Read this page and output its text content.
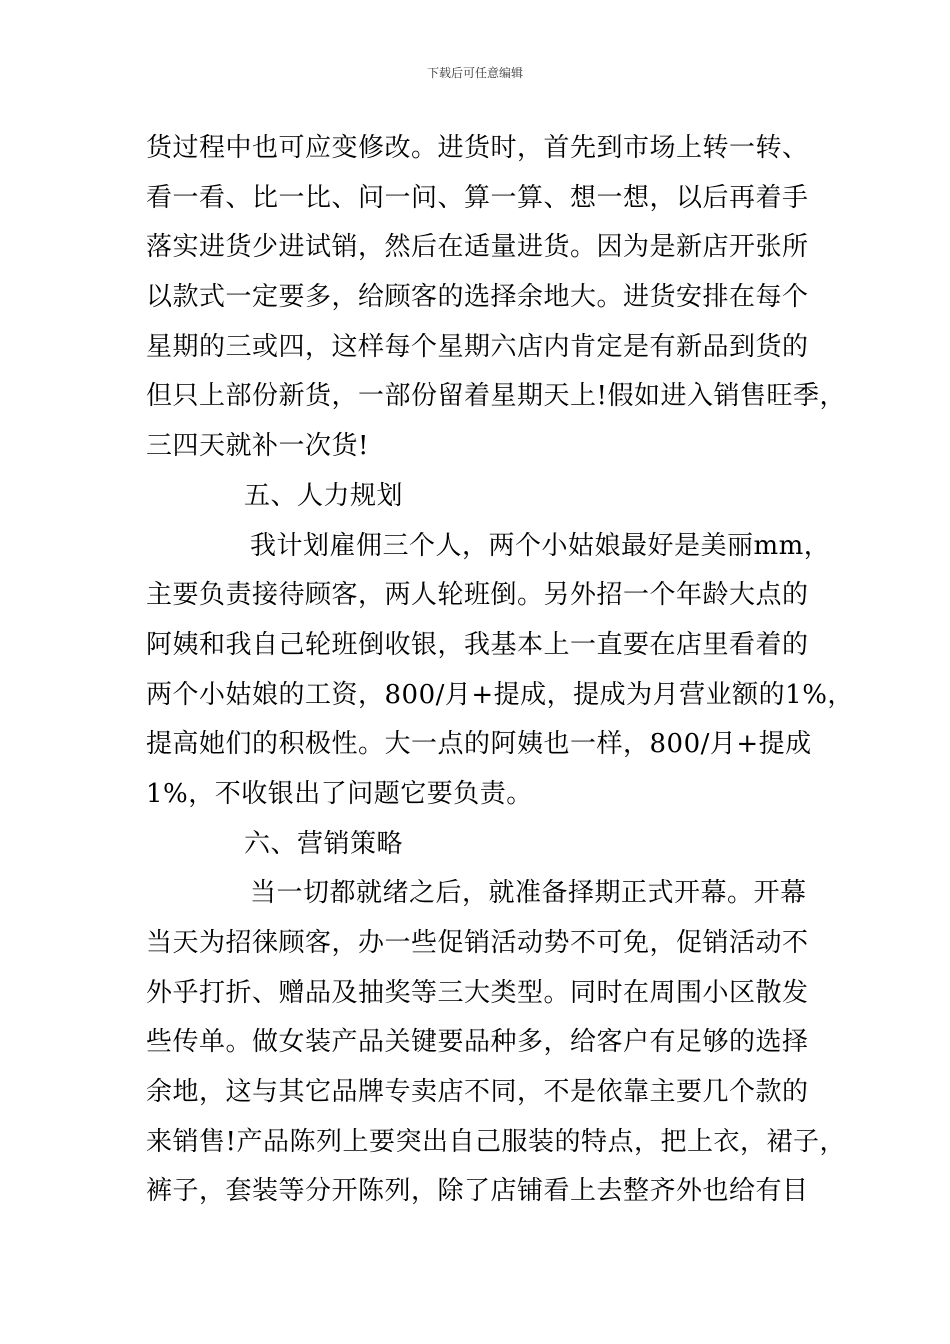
下载后可任意编辑
货过程中也可应变修改。进货时，首先到市场上转一转、
看一看、比一比、问一问、算一算、想一想，以后再着手
落实进货少进试销，然后在适量进货。因为是新店开张所
以款式一定要多，给顾客的选择余地大。进货安排在每个
星期的三或四，这样每个星期六店内肯定是有新品到货的
但只上部份新货，一部份留着星期天上!假如进入销售旺季，
三四天就补一次货!
五、人力规划
我计划雇佣三个人，两个小姑娘最好是美丽mm，
主要负责接待顾客，两人轮班倒。另外招一个年龄大点的
阿姨和我自己轮班倒收银，我基本上一直要在店里看着的
两个小姑娘的工资，800/月+提成，提成为月营业额的1%，
提高她们的积极性。大一点的阿姨也一样，800/月+提成
1%，不收银出了问题它要负责。
六、营销策略
当一切都就绪之后，就准备择期正式开幕。开幕
当天为招徕顾客，办一些促销活动势不可免，促销活动不
外乎打折、赠品及抽奖等三大类型。同时在周围小区散发
些传单。做女装产品关键要品种多，给客户有足够的选择
余地，这与其它品牌专卖店不同，不是依靠主要几个款的
来销售!产品陈列上要突出自己服装的特点，把上衣，裙子，
裤子，套装等分开陈列，除了店铺看上去整齐外也给有目
